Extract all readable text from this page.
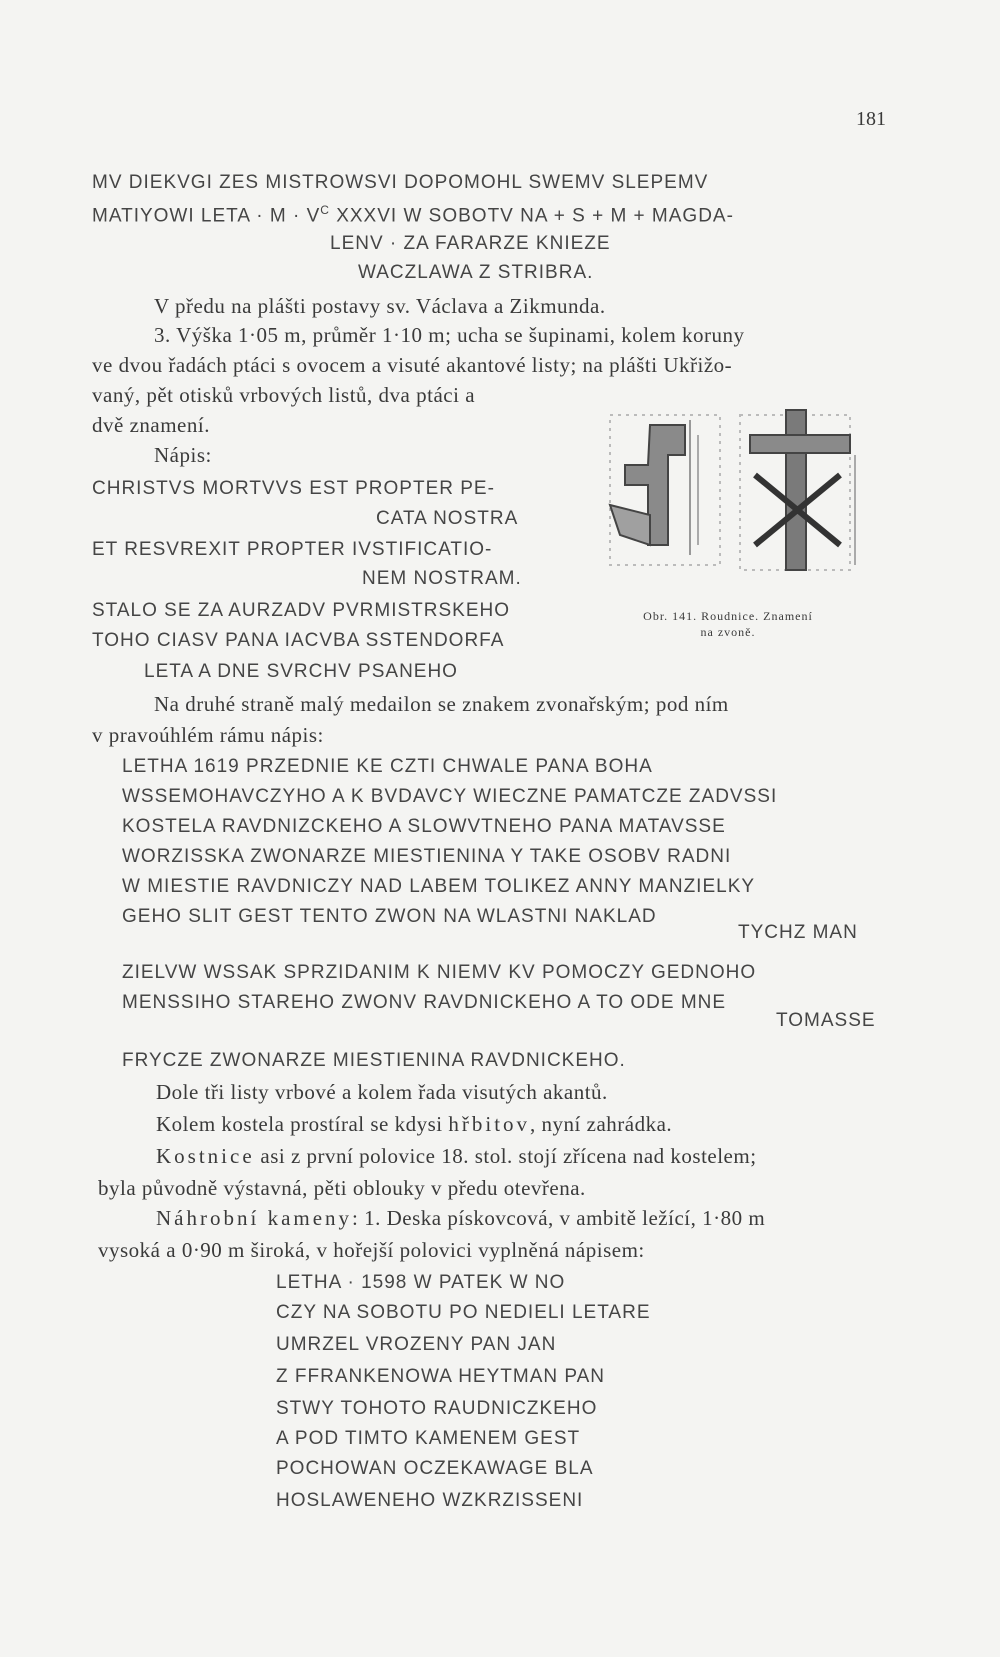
181
MV DIEKVGI ZES MISTROWSVI DOPOMOHL SWEMV SLEPEMV
MATIYOWI LETA · $M \cdot V^C$ XXXVI W SOBOTV NA + S + M + MAGDA-
LENV · ZA FARARZE KNIEZE
WACZLAWA Z STRIBRA.
V předu na plášti postavy sv. Václava a Zikmunda.
3. Výška 1·05 m, průměr 1·10 m; ucha se šupinami, kolem koruny
ve dvou řadách ptáci s ovocem a visuté akantové listy; na plášti Ukřižo-
vaný, pět otisků vrbových listů, dva ptáci a
dvě znamení.
Nápis:
CHRISTVS MORTVVS EST PROPTER PE-
CATA NOSTRA
ET RESVREXIT PROPTER IVSTIFICATIO-
NEM NOSTRAM.
STALO SE ZA AURZADV PVRMISTRSKEHO
TOHO CIASV PANA IACVBA SSTENDORFA
LETA A DNE SVRCHV PSANEHO
Obr. 141. Roudnice. Znamení
na zvoně.
Na druhé straně malý medailon se znakem zvonařským; pod ním
v pravoúhlém rámu nápis:
LETHA 1619 PRZEDNIE KE CZTI CHWALE PANA BOHA
WSSEMOHAVCZYHO A K BVDAVCY WIECZNE PAMATCZE ZADVSSI
KOSTELA RAVDNIZCKEHO A SLOWVTNEHO PANA MATAVSSE
WORZISSKA ZWONARZE MIESTIENINA Y TAKE OSOBV RADNI
W MIESTIE RAVDNICZY NAD LABEM TOLIKEZ ANNY MANZIELKY
GEHO SLIT GEST TENTO ZWON NA WLASTNI NAKLAD
TYCHZ MAN
ZIELVW WSSAK SPRZIDANIM K NIEMV KV POMOCZY GEDNOHO
MENSSIHO STAREHO ZWONV RAVDNICKEHO A TO ODE MNE
TOMASSE
FRYCZE ZWONARZE MIESTIENINA RAVDNICKEHO.
Dole tři listy vrbové a kolem řada visutých akantů.
Kolem kostela prostíral se kdysi hřbitov, nyní zahrádka.
Kostnice asi z první polovice 18. stol. stojí zřícena nad kostelem;
byla původně výstavná, pěti oblouky v předu otevřena.
Náhrobní kameny: 1. Deska pískovcová, v ambitě ležící, 1·80 m
vysoká a 0·90 m široká, v hořejší polovici vyplněná nápisem:
LETHA · 1598 W PATEK W NO
CZY NA SOBOTU PO NEDIELI LETARE
UMRZEL VROZENY PAN JAN
Z FFRANKENOWA HEYTMAN PAN
STWY TOHOTO RAUDNICZKEHO
A POD TIMTO KAMENEM GEST
POCHOWAN OCZEKAWAGE BLA
HOSLAWENEHO WZKRZISSENI
